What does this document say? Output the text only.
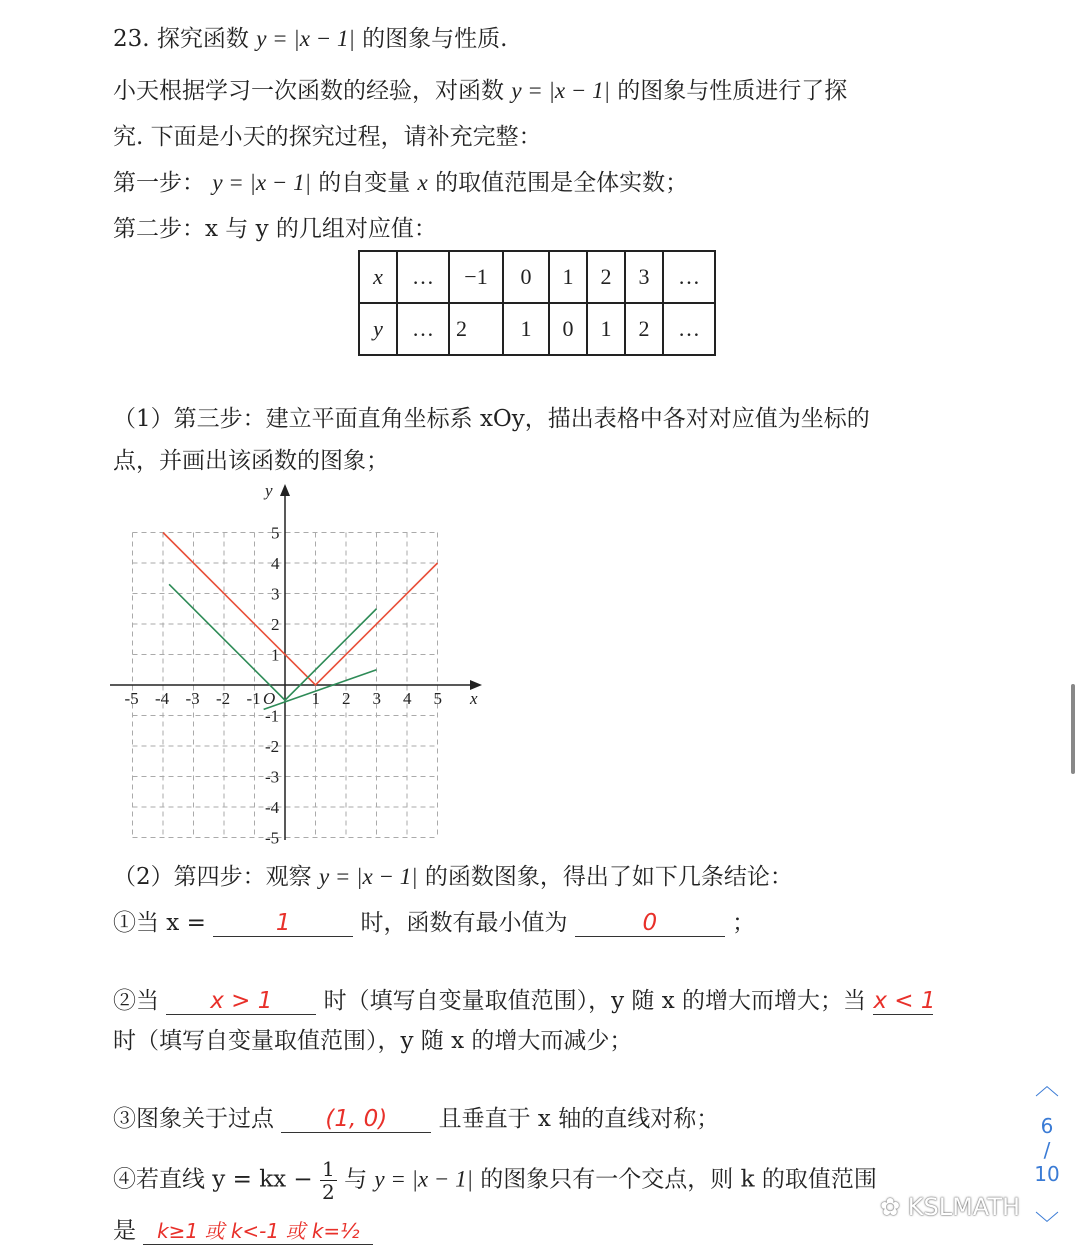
23. 探究函数 y = |x − 1| 的图象与性质.
小天根据学习一次函数的经验，对函数 y = |x − 1| 的图象与性质进行了探
究. 下面是小天的探究过程，请补充完整：
第一步： y = |x − 1| 的自变量 x 的取值范围是全体实数；
第二步：x 与 y 的几组对应值：
x	…	−1	0	1	2	3	…
y	…	2	1	0	1	2	…
（1）第三步：建立平面直角坐标系 xOy，描出表格中各对对应值为坐标的
点，并画出该函数的图象；
-5 -4 -3 -2 -1	1 2 3 4 5
5
4
3
2
1
-1
-2
-3
-4
-5
x
y
O
（2）第四步：观察 y = |x − 1| 的函数图象，得出了如下几条结论：
①当 x =	1	时，函数有最小值为	0	；
②当 x > 1 时（填写自变量取值范围），y 随 x 的增大而增大；当 x < 1
时（填写自变量取值范围），y 随 x 的增大而减少；
③图象关于过点 (1, 0) 且垂直于 x 轴的直线对称；
④若直线 y = kx − $\frac{1}{2}$ 与 y = |x − 1| 的图象只有一个交点，则 k 的取值范围
是 k≥1 或 k<-1 或 k=½
︿
6
/
10
﹀
✿ KSLMATH
